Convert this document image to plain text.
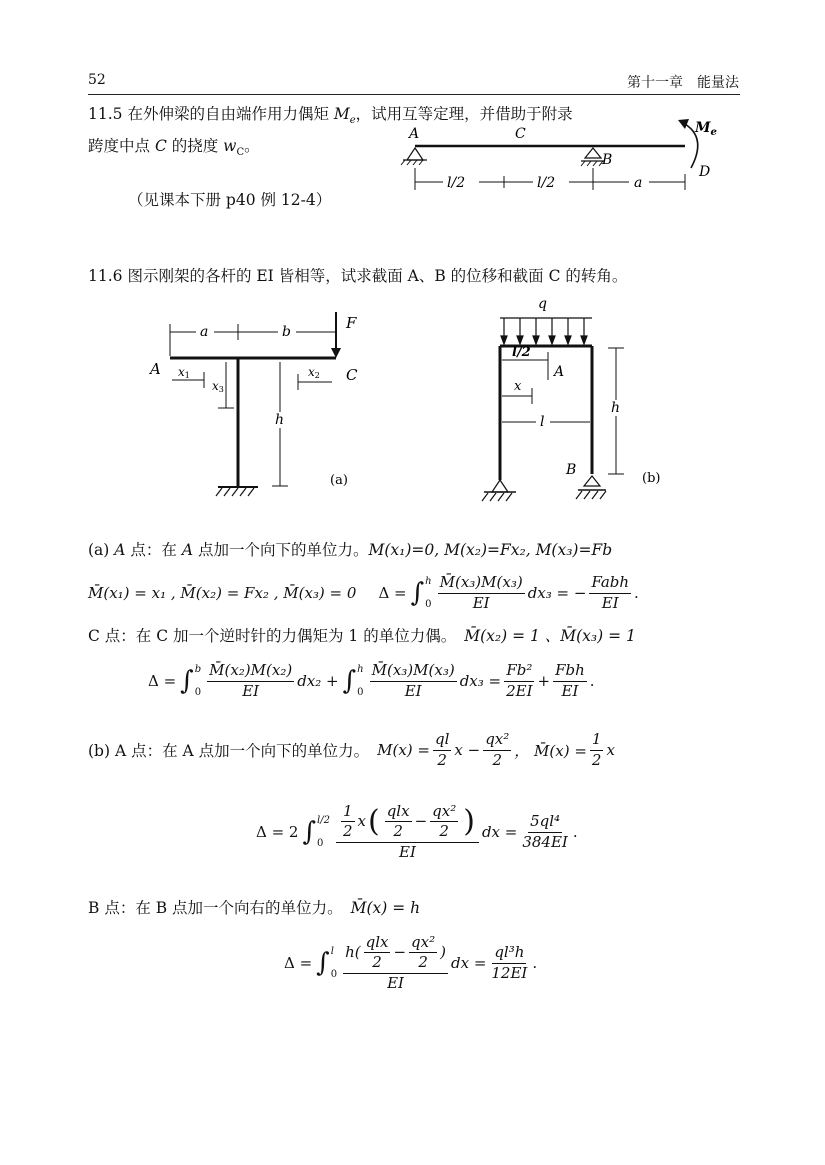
52	第十一章　能量法
11.5 在外伸梁的自由端作用力偶矩 $M_e$，试用互等定理，并借助于附录
跨度中点 C 的挠度 $w_C$。
（见课本下册 p40 例 12-4）
A	C
B
D
$M_e$
l/2	l/2	a
11.6 图示刚架的各杆的 EI 皆相等，试求截面 A、B 的位移和截面 C 的转角。
F
a	b
A	C
x1
x3
x2
h
(a)
q
B
l/2
A
x
l
h
(b)
(a) A 点：在 A 点加一个向下的单位力。M(x₁)=0, M(x₂)=Fx₂, M(x₃)=Fb
M̄(x₁) = x₁ , M̄(x₂) = Fx₂ , M̄(x₃) = 0 Δ = ∫ h
$0 \frac{\text{M̄(x₃)M(x₃)}}{EI} dx_3$ = − $\frac{\text{Fabh}}{EI}$ .
C 点：在 C 加一个逆时针的力偶矩为 1 的单位力偶。 M̄(x₂) = 1 、M̄(x₃) = 1
Δ = ∫ b
$0 \frac{\text{M̄(x₂)M(x₂)}}{EI} dx_2$ + ∫ h
$0 \frac{\text{M̄(x₃)M(x₃)}}{EI} dx_3 = \frac{\text{Fb²}}{2EI} + \frac{\text{Fbh}}{EI}$ .
(b) A 点：在 A 点加一个向下的单位力。 $M(x) = \frac{ql}{2}$ $x - \frac{\text{qx²}}{2}$ ， M̄(x) = $\frac{1}{2}$ x
Δ = 2 ∫ l/2
$0 \frac{\frac{1}{2} x ( \frac{\text{qlx}}{2} - \frac{\text{qx²}}{2} )}{EI}$ dx = $\frac{\text{5ql⁴}}{384EI}$ .
B 点：在 B 点加一个向右的单位力。 M̄(x) = h
Δ = ∫ l
$0 \frac{h( \frac{\text{qlx}}{2} - \frac{\text{qx²}}{2} )}{EI}$ dx = $\frac{\text{ql³h}}{12EI}$ .
